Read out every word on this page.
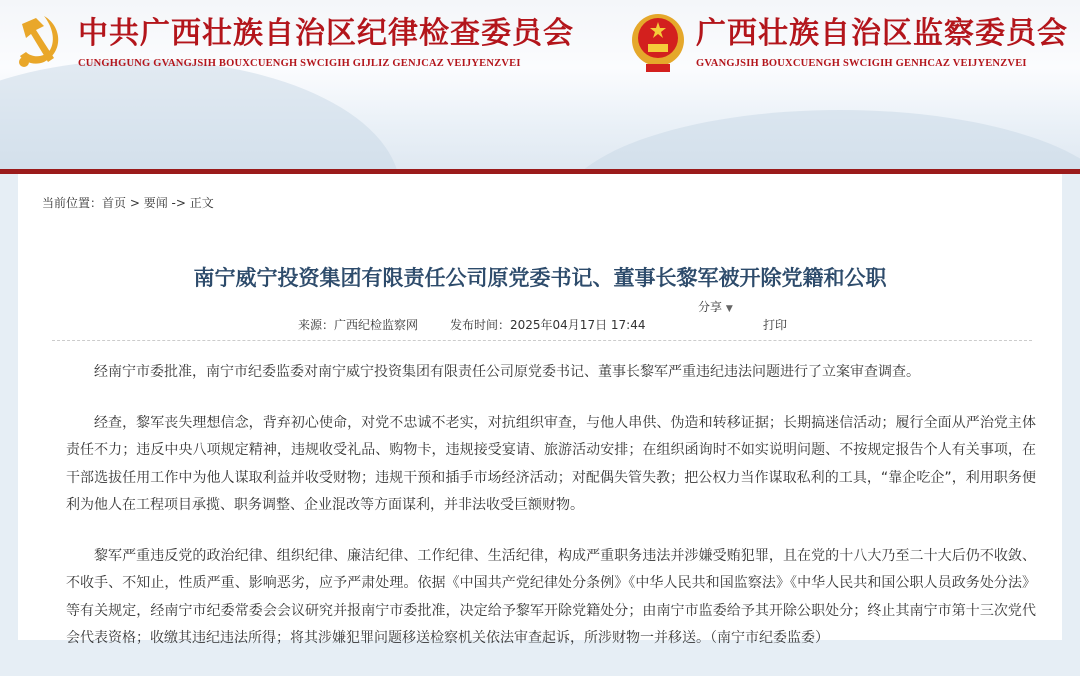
中共广西壮族自治区纪律检查委员会
CUNGHGUNG GVANGJSIH BOUXCUENGH SWCIGIH GIJLIZ GENJCAZ VEIJYENZVEI
广西壮族自治区监察委员会
GVANGJSIH BOUXCUENGH SWCIGIH GENHCAZ VEIJYENZVEI
当前位置：首页 > 要闻 -> 正文
南宁威宁投资集团有限责任公司原党委书记、董事长黎军被开除党籍和公职
分享 ▼
来源：广西纪检监察网	发布时间：2025年04月17日 17:44	打印

经南宁市委批准，南宁市纪委监委对南宁威宁投资集团有限责任公司原党委书记、董事长黎军严重违纪违法问题进行了立案审查调查。

经查，黎军丧失理想信念，背弃初心使命，对党不忠诚不老实，对抗组织审查，与他人串供、伪造和转移证据；长期搞迷信活动；履行全面从严治党主体责任不力；违反中央八项规定精神，违规收受礼品、购物卡，违规接受宴请、旅游活动安排；在组织函询时不如实说明问题、不按规定报告个人有关事项，在干部选拔任用工作中为他人谋取利益并收受财物；违规干预和插手市场经济活动；对配偶失管失教；把公权力当作谋取私利的工具，“靠企吃企”，利用职务便利为他人在工程项目承揽、职务调整、企业混改等方面谋利，并非法收受巨额财物。

黎军严重违反党的政治纪律、组织纪律、廉洁纪律、工作纪律、生活纪律，构成严重职务违法并涉嫌受贿犯罪，且在党的十八大乃至二十大后仍不收敛、不收手、不知止，性质严重、影响恶劣，应予严肃处理。依据《中国共产党纪律处分条例》《中华人民共和国监察法》《中华人民共和国公职人员政务处分法》等有关规定，经南宁市纪委常委会会议研究并报南宁市委批准，决定给予黎军开除党籍处分；由南宁市监委给予其开除公职处分；终止其南宁市第十三次党代会代表资格；收缴其违纪违法所得；将其涉嫌犯罪问题移送检察机关依法审查起诉，所涉财物一并移送。（南宁市纪委监委）
